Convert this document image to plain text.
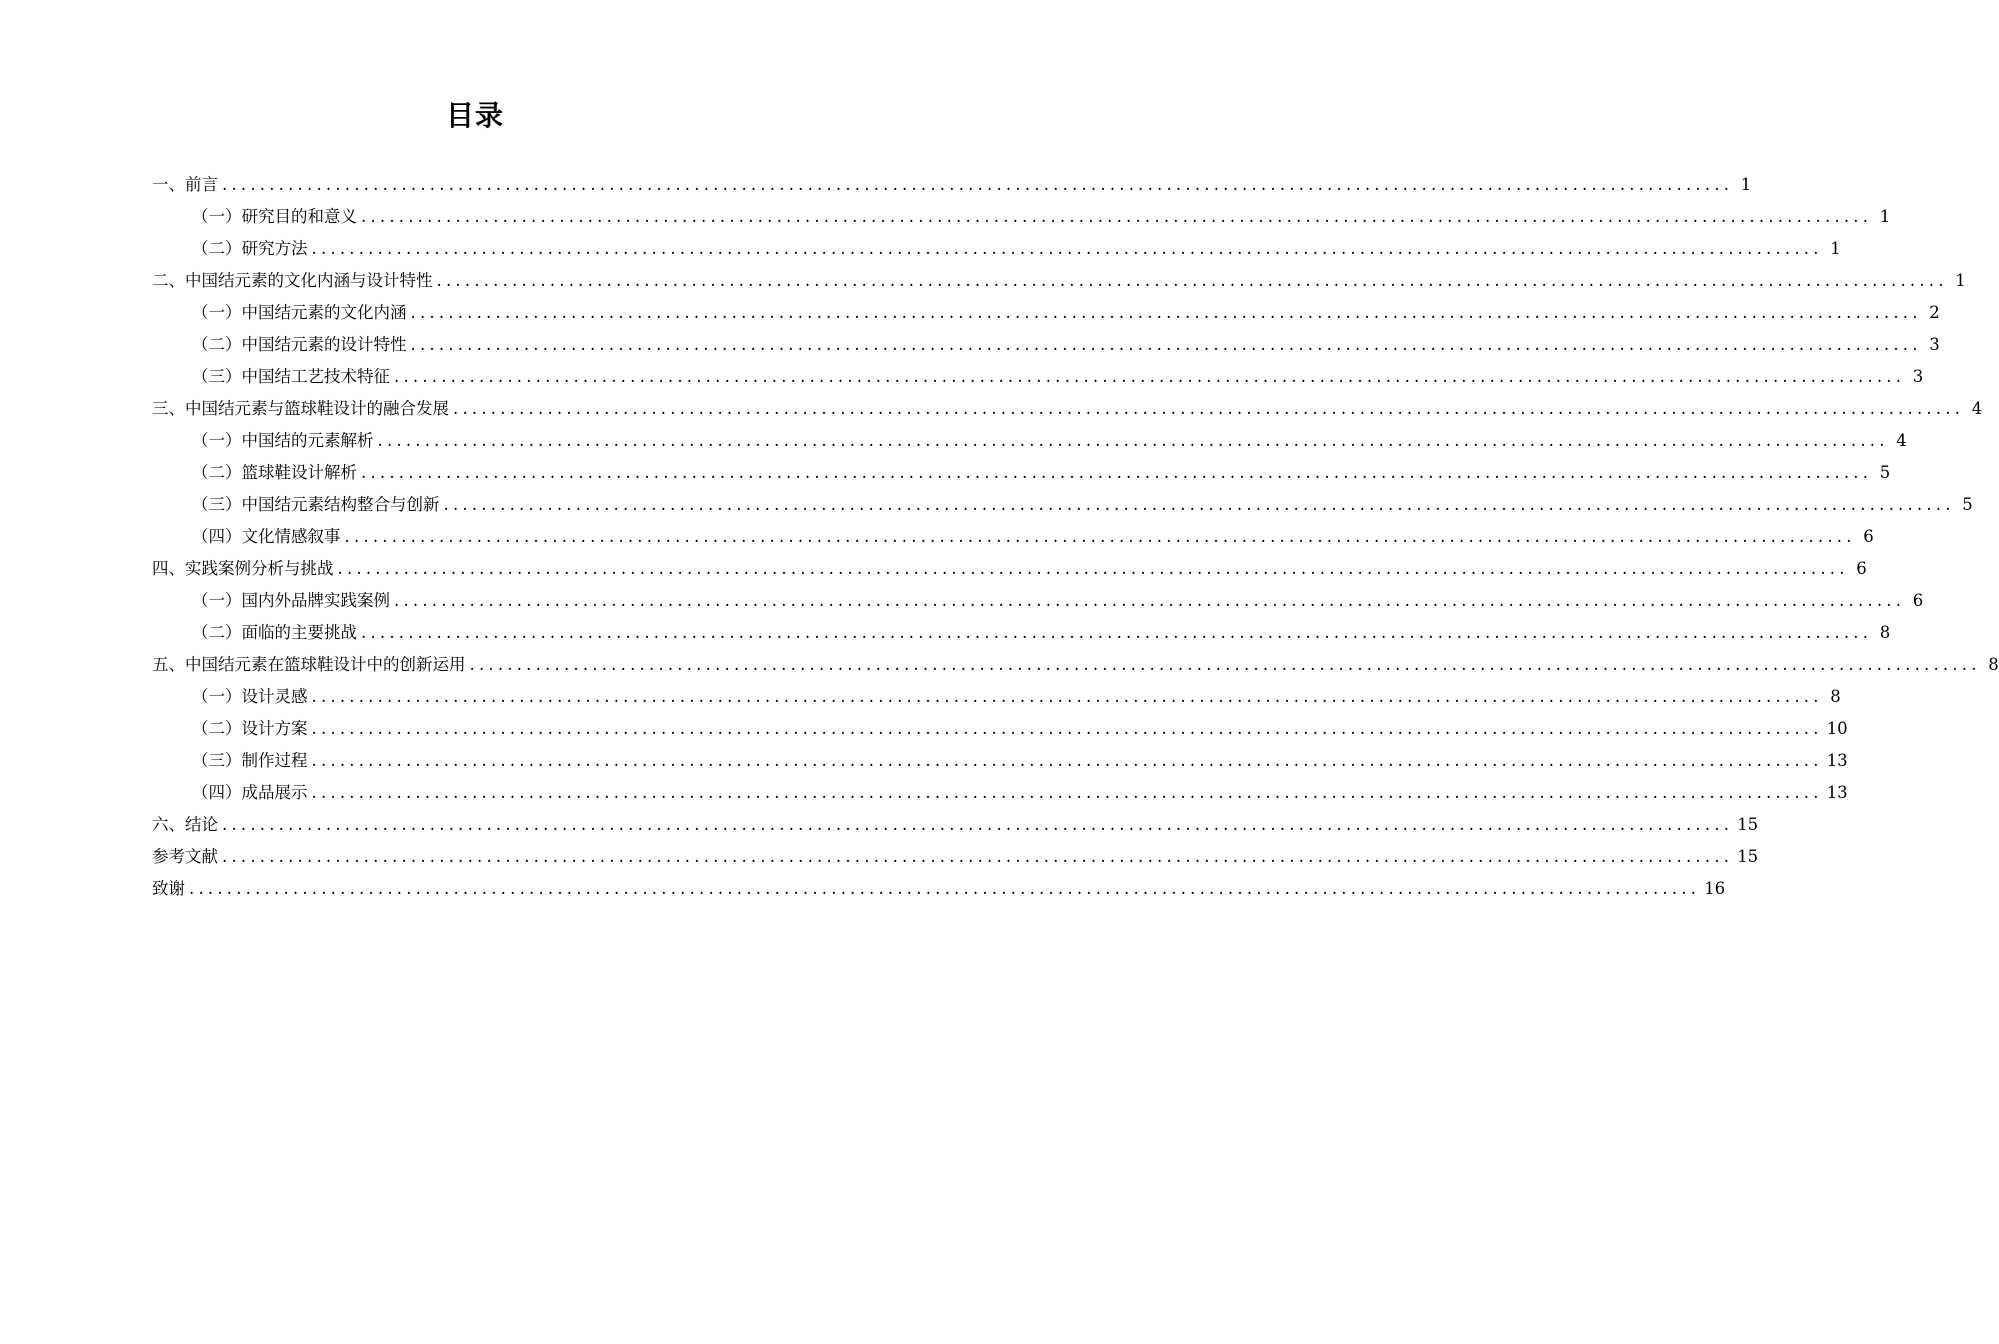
目录
一、前言 ................................................................................................................................................................ 1
（一）研究目的和意义 ................................................................................................................................................................ 1
（二）研究方法 ................................................................................................................................................................ 1
二、中国结元素的文化内涵与设计特性 ................................................................................................................................................................ 1
（一）中国结元素的文化内涵 ................................................................................................................................................................ 2
（二）中国结元素的设计特性 ................................................................................................................................................................ 3
（三）中国结工艺技术特征 ................................................................................................................................................................ 3
三、中国结元素与篮球鞋设计的融合发展 ................................................................................................................................................................ 4
（一）中国结的元素解析 ................................................................................................................................................................ 4
（二）篮球鞋设计解析 ................................................................................................................................................................ 5
（三）中国结元素结构整合与创新 ................................................................................................................................................................ 5
（四）文化情感叙事 ................................................................................................................................................................ 6
四、实践案例分析与挑战 ................................................................................................................................................................ 6
（一）国内外品牌实践案例 ................................................................................................................................................................ 6
（二）面临的主要挑战 ................................................................................................................................................................ 8
五、中国结元素在篮球鞋设计中的创新运用 ................................................................................................................................................................ 8
（一）设计灵感 ................................................................................................................................................................ 8
（二）设计方案 ................................................................................................................................................................ 10
（三）制作过程 ................................................................................................................................................................ 13
（四）成品展示 ................................................................................................................................................................ 13
六、结论 ................................................................................................................................................................ 15
参考文献 ................................................................................................................................................................ 15
致谢 ................................................................................................................................................................ 16
